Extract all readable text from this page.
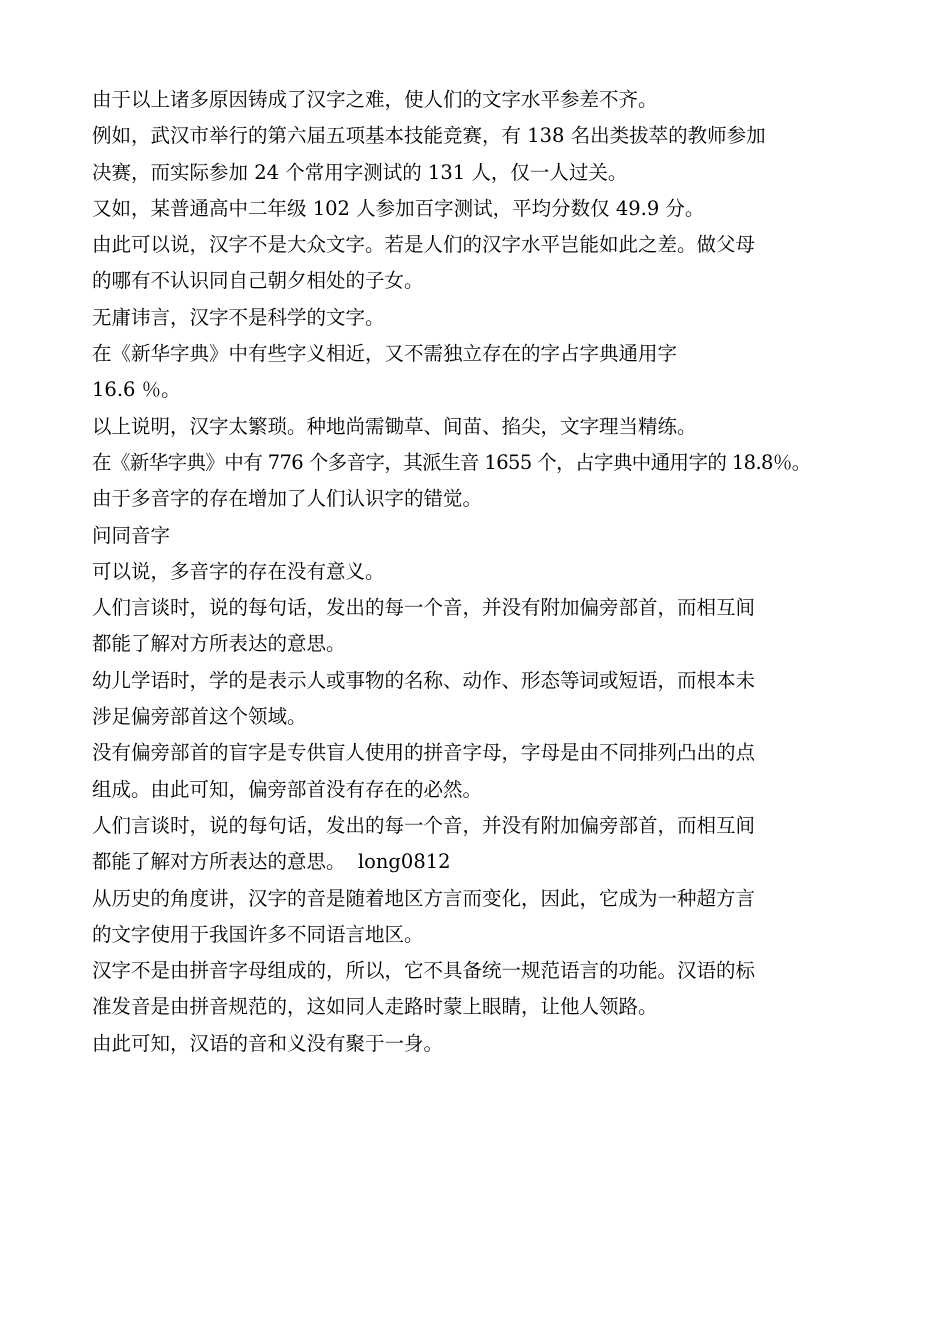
由于以上诸多原因铸成了汉字之难，使人们的文字水平参差不齐。

例如，武汉市举行的第六届五项基本技能竞赛，有 138 名出类拔萃的教师参加
决赛，而实际参加 24 个常用字测试的 131 人，仅一人过关。

又如，某普通高中二年级 102 人参加百字测试，平均分数仅 49.9 分。

由此可以说，汉字不是大众文字。若是人们的汉字水平岂能如此之差。做父母
的哪有不认识同自己朝夕相处的子女。

无庸讳言，汉字不是科学的文字。

在《新华字典》中有些字义相近，又不需独立存在的字占字典通用字
16.6 ％。

以上说明，汉字太繁琐。种地尚需锄草、间苗、掐尖，文字理当精练。

在《新华字典》中有 776 个多音字，其派生音 1655 个，占字典中通用字的 18.8％。

由于多音字的存在增加了人们认识字的错觉。

问同音字

可以说，多音字的存在没有意义。

人们言谈时，说的每句话，发出的每一个音，并没有附加偏旁部首，而相互间
都能了解对方所表达的意思。

幼儿学语时，学的是表示人或事物的名称、动作、形态等词或短语，而根本未
涉足偏旁部首这个领域。

没有偏旁部首的盲字是专供盲人使用的拼音字母，字母是由不同排列凸出的点
组成。由此可知，偏旁部首没有存在的必然。

人们言谈时，说的每句话，发出的每一个音，并没有附加偏旁部首，而相互间
都能了解对方所表达的意思。  long0812

从历史的角度讲，汉字的音是随着地区方言而变化，因此，它成为一种超方言
的文字使用于我国许多不同语言地区。

汉字不是由拼音字母组成的，所以，它不具备统一规范语言的功能。汉语的标
准发音是由拼音规范的，这如同人走路时蒙上眼睛，让他人领路。

由此可知，汉语的音和义没有聚于一身。
